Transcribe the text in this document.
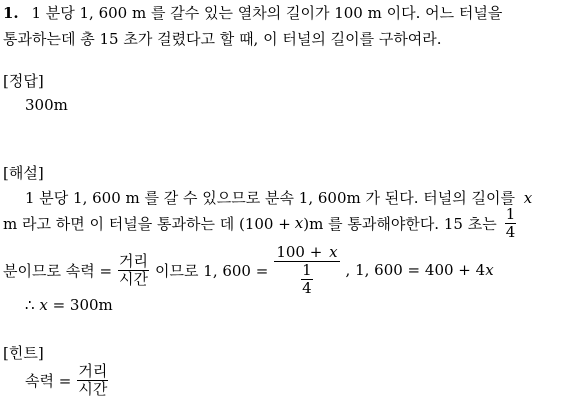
1. 1 분당 1, 600 m 를 갈수 있는 열차의 길이가 100 m 이다. 어느 터널을
통과하는데 총 15 초가 걸렸다고 할 때, 이 터널의 길이를 구하여라.
[정답]
300m
[해설]
1 분당 1, 600 m 를 갈 수 있으므로 분속 1, 600m 가 된다. 터널의 길이를 x
m 라고 하면 이 터널을 통과하는 데 (100 + x )m 를 통과해야한다. 15 초는 $\frac{1}{4}$
분이므로 속력 = $\frac{\text{거리}}{\text{시간}}$ 이므로 1, $600 = \frac{100 + x}{\frac{1}{4}}$ , 1, 600 = 400 + 4 x
∴ x = 300m
[힌트]
속력 = $\frac{\text{거리}}{\text{시간}}$
